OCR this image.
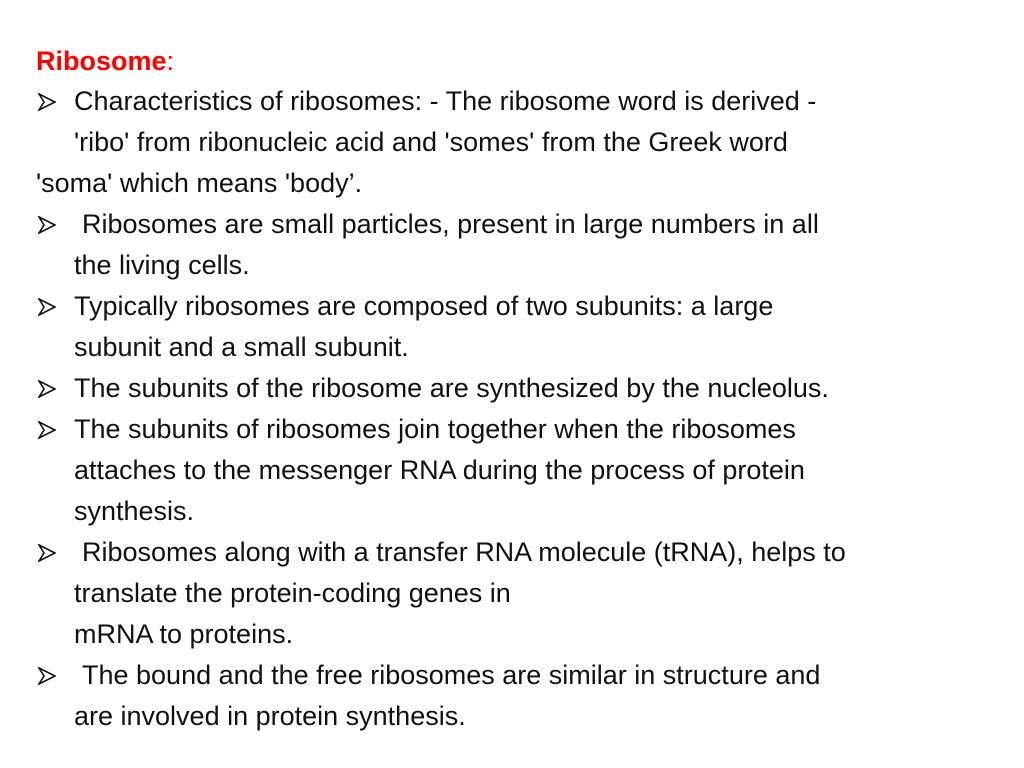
Ribosome:
Characteristics of ribosomes: - The ribosome word is derived -
'ribo' from ribonucleic acid and 'somes' from the Greek word
'soma' which means 'body’.
Ribosomes are small particles, present in large numbers in all
the living cells.
Typically ribosomes are composed of two subunits: a large
subunit and a small subunit.
The subunits of the ribosome are synthesized by the nucleolus.
The subunits of ribosomes join together when the ribosomes
attaches to the messenger RNA during the process of protein
synthesis.
Ribosomes along with a transfer RNA molecule (tRNA), helps to
translate the protein-coding genes in
mRNA to proteins.
The bound and the free ribosomes are similar in structure and
are involved in protein synthesis.
